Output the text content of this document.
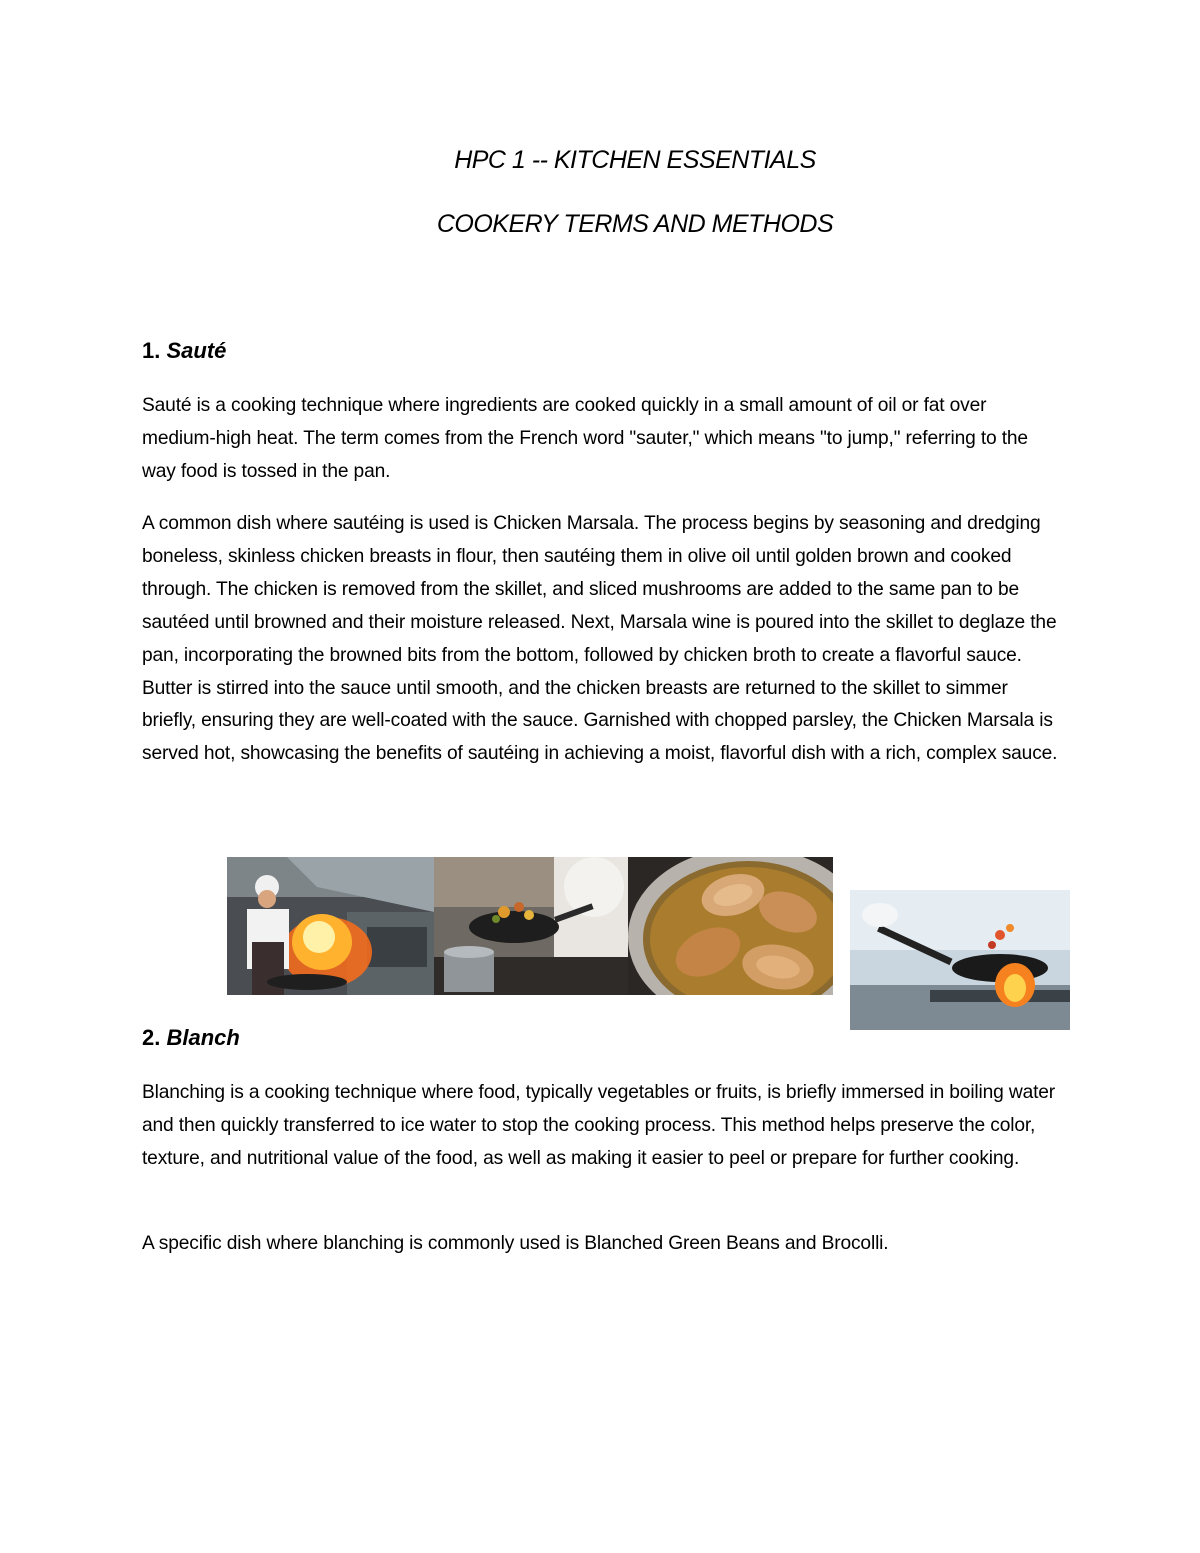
HPC 1 -- KITCHEN ESSENTIALS
COOKERY TERMS AND METHODS
1. Sauté

Sauté is a cooking technique where ingredients are cooked quickly in a small amount of oil or fat over medium-high heat. The term comes from the French word "sauter," which means "to jump," referring to the way food is tossed in the pan.

A common dish where sautéing is used is Chicken Marsala. The process begins by seasoning and dredging boneless, skinless chicken breasts in flour, then sautéing them in olive oil until golden brown and cooked through. The chicken is removed from the skillet, and sliced mushrooms are added to the same pan to be sautéed until browned and their moisture released. Next, Marsala wine is poured into the skillet to deglaze the pan, incorporating the browned bits from the bottom, followed by chicken broth to create a flavorful sauce. Butter is stirred into the sauce until smooth, and the chicken breasts are returned to the skillet to simmer briefly, ensuring they are well-coated with the sauce. Garnished with chopped parsley, the Chicken Marsala is served hot, showcasing the benefits of sautéing in achieving a moist, flavorful dish with a rich, complex sauce.

2. Blanch

Blanching is a cooking technique where food, typically vegetables or fruits, is briefly immersed in boiling water and then quickly transferred to ice water to stop the cooking process. This method helps preserve the color, texture, and nutritional value of the food, as well as making it easier to peel or prepare for further cooking.

A specific dish where blanching is commonly used is Blanched Green Beans and Brocolli.
